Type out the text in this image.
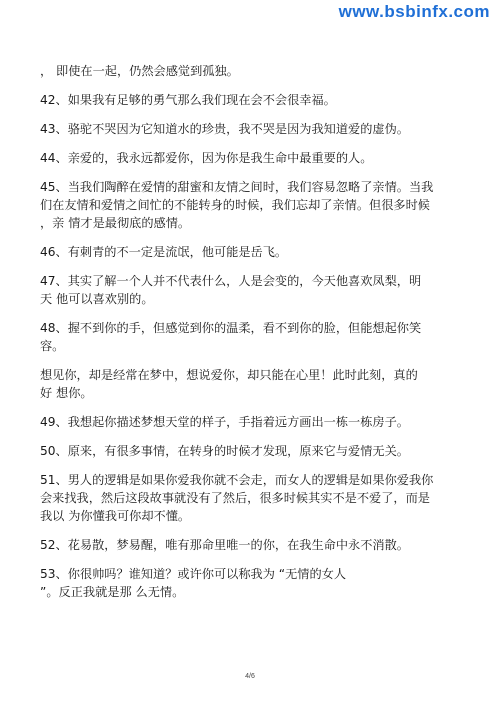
www.bsbinfx.com
， 即使在一起，仍然会感觉到孤独。
42、如果我有足够的勇气那么我们现在会不会很幸福。
43、骆驼不哭因为它知道水的珍贵，我不哭是因为我知道爱的虚伪。
44、亲爱的，我永远都爱你，因为你是我生命中最重要的人。
45、当我们陶醉在爱情的甜蜜和友情之间时，我们容易忽略了亲情。当我
们在友情和爱情之间忙的不能转身的时候，我们忘却了亲情。但很多时候
，亲 情才是最彻底的感情。
46、有刺青的不一定是流氓，他可能是岳飞。
47、其实了解一个人并不代表什么，人是会变的，今天他喜欢凤梨，明
天 他可以喜欢别的。
48、握不到你的手，但感觉到你的温柔，看不到你的脸，但能想起你笑
容。
想见你，却是经常在梦中，想说爱你，却只能在心里！此时此刻，真的
好 想你。
49、我想起你描述梦想天堂的样子，手指着远方画出一栋一栋房子。
50、原来，有很多事情，在转身的时候才发现，原来它与爱情无关。
51、男人的逻辑是如果你爱我你就不会走，而女人的逻辑是如果你爱我你
会来找我，然后这段故事就没有了然后，很多时候其实不是不爱了，而是
我以 为你懂我可你却不懂。
52、花易散，梦易醒，唯有那命里唯一的你，在我生命中永不消散。
53、你很帅吗？谁知道？或许你可以称我为 “无情的女人
”。反正我就是那 么无情。
4/6
